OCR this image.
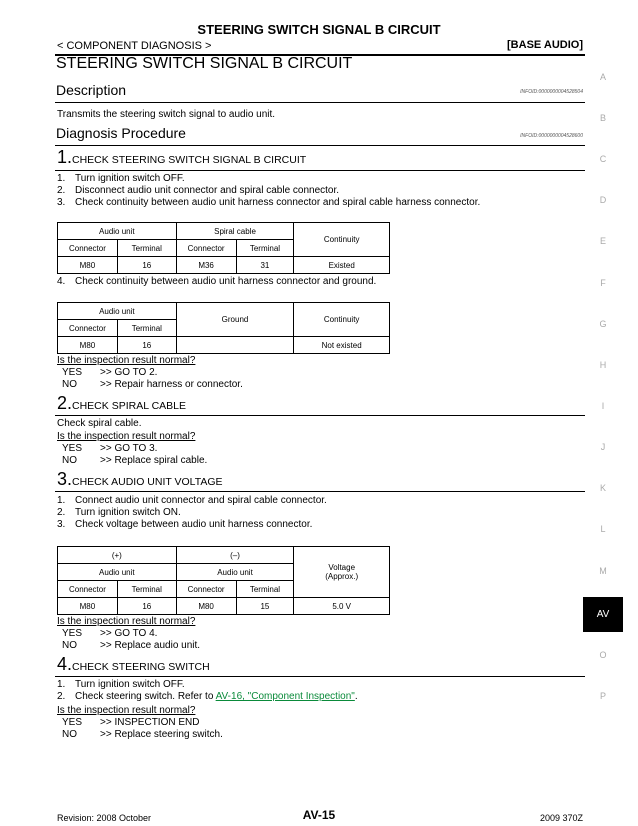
STEERING SWITCH SIGNAL B CIRCUIT
< COMPONENT DIAGNOSIS >	[BASE AUDIO]
STEERING SWITCH SIGNAL B CIRCUIT
Description	INFOID:0000000004528504
Transmits the steering switch signal to audio unit.
Diagnosis Procedure	INFOID:0000000004528600
1.CHECK STEERING SWITCH SIGNAL B CIRCUIT
1. Turn ignition switch OFF.
2. Disconnect audio unit connector and spiral cable connector.
3. Check continuity between audio unit harness connector and spiral cable harness connector.
Audio unit		Spiral cable		Continuity
Connector	Terminal	Connector	Terminal	
M80	16	M36	31	Existed
4. Check continuity between audio unit harness connector and ground.
Audio unit		Ground	Continuity
Connector	Terminal		
M80	16		Not existed
Is the inspection result normal?
YES	>> GO TO 2.
NO	>> Repair harness or connector.
2.CHECK SPIRAL CABLE
Check spiral cable.
Is the inspection result normal?
YES	>> GO TO 3.
NO	>> Replace spiral cable.
3.CHECK AUDIO UNIT VOLTAGE
1. Connect audio unit connector and spiral cable connector.
2. Turn ignition switch ON.
3. Check voltage between audio unit harness connector.
(+)		(–)		Voltage
(Approx.)

Audio unit		Audio unit		
Connector	Terminal	Connector	Terminal	
M80	16	M80	15	5.0 V
Is the inspection result normal?
YES	>> GO TO 4.
NO	>> Replace audio unit.
4.CHECK STEERING SWITCH
1. Turn ignition switch OFF.
2. Check steering switch. Refer to AV-16, "Component Inspection".
Is the inspection result normal?
YES	>> INSPECTION END
NO	>> Replace steering switch.
A
B
C
D
E
F
G
H
I
J
K
L
M
O
P
AV
Revision: 2008 October	AV-15	2009 370Z
